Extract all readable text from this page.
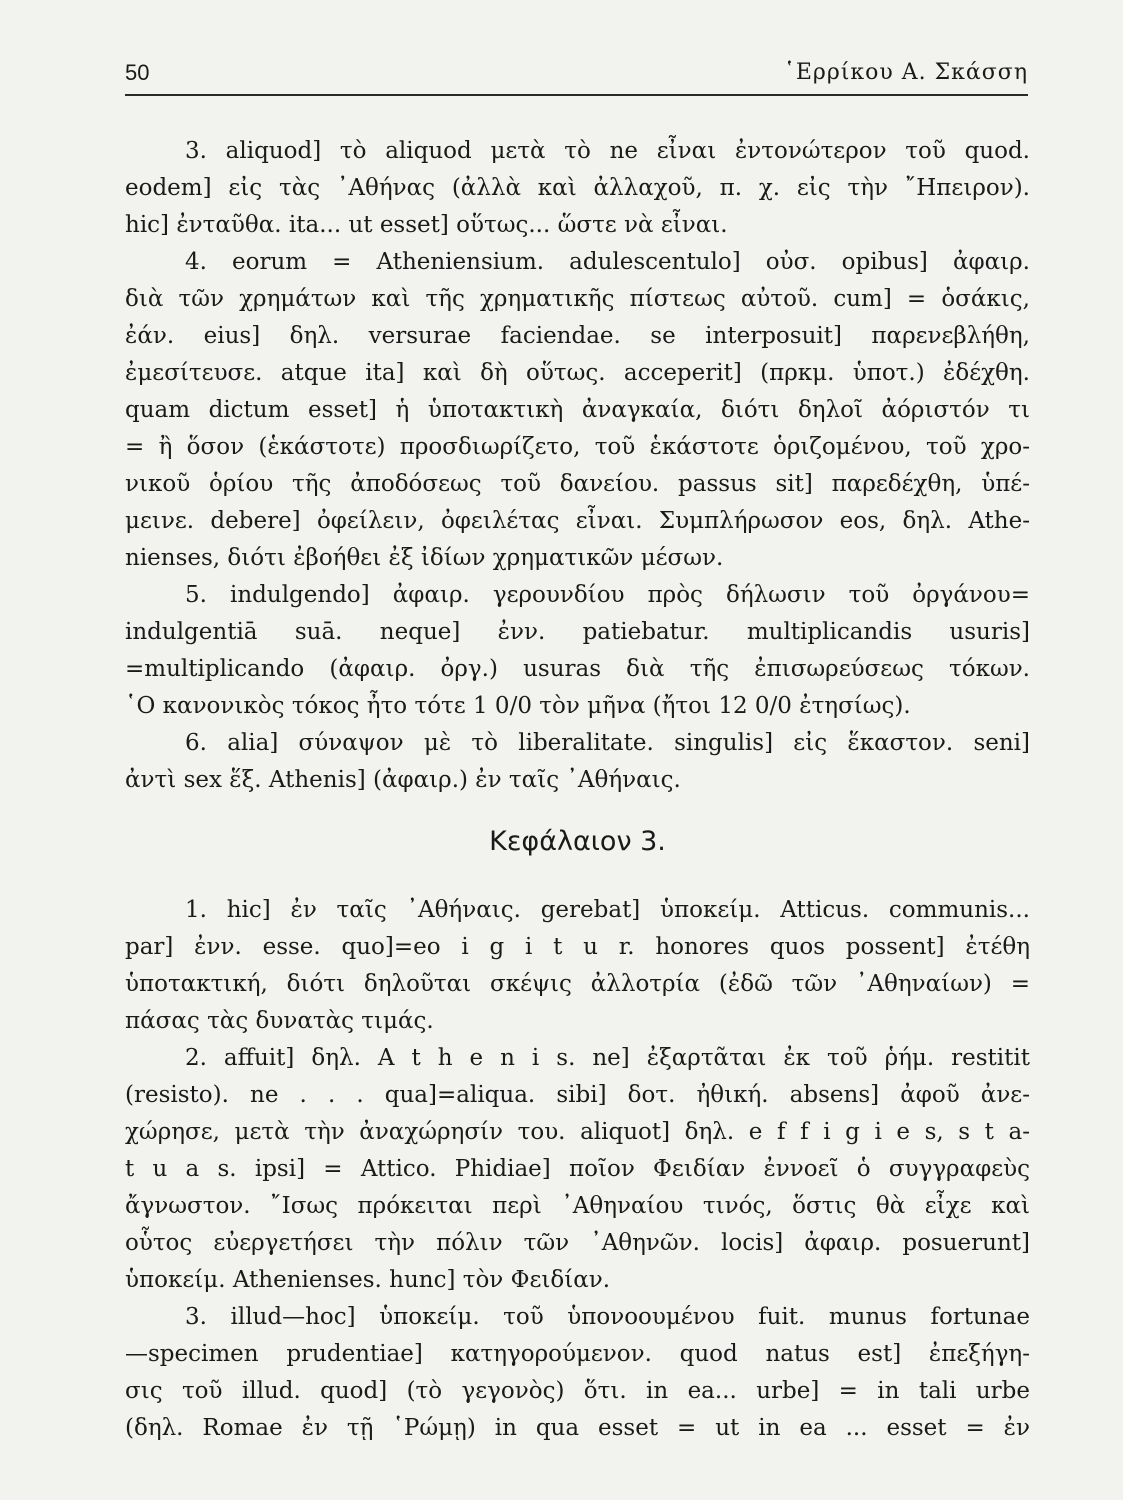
50	῾Ερρίκου Α. Σκάσση
3. aliquod] τὸ aliquod μετὰ τὸ ne εἶναι ἐντονώτερον τοῦ quod.
eodem] εἰς τὰς ᾿Αθήνας (ἀλλὰ καὶ ἀλλαχοῦ, π. χ. εἰς τὴν ῎Ηπειρον).
hic] ἐνταῦθα. ita... ut esset] οὕτως... ὥστε νὰ εἶναι.
4. eorum = Atheniensium. adulescentulo] οὐσ. opibus] ἀφαιρ.
διὰ τῶν χρημάτων καὶ τῆς χρηματικῆς πίστεως αὐτοῦ. cum] = ὁσάκις,
ἐάν. eius] δηλ. versurae faciendae. se interposuit] παρενεβλήθη,
ἐμεσίτευσε. atque ita] καὶ δὴ οὕτως. acceperit] (πρκμ. ὑποτ.) ἐδέχθη.
quam dictum esset] ἡ ὑποτακτικὴ ἀναγκαία, διότι δηλοῖ ἀόριστόν τι
= ἢ ὅσον (ἑκάστοτε) προσδιωρίζετο, τοῦ ἑκάστοτε ὁριζομένου, τοῦ χρο-
νικοῦ ὁρίου τῆς ἀποδόσεως τοῦ δανείου. passus sit] παρεδέχθη, ὑπέ-
μεινε. debere] ὀφείλειν, ὀφειλέτας εἶναι. Συμπλήρωσον eos, δηλ. Athe-
nienses, διότι ἐβοήθει ἐξ ἰδίων χρηματικῶν μέσων.
5. indulgendo] ἀφαιρ. γερουνδίου πρὸς δήλωσιν τοῦ ὀργάνου=
indulgentiā suā. neque] ἐνν. patiebatur. multiplicandis usuris]
=multiplicando (ἀφαιρ. ὀργ.) usuras διὰ τῆς ἐπισωρεύσεως τόκων.
῾Ο κανονικὸς τόκος ἦτο τότε 1 0/0 τὸν μῆνα (ἤτοι 12 0/0 ἐτησίως).
6. alia] σύναψον μὲ τὸ liberalitate. singulis] εἰς ἕκαστον. seni]
ἀντὶ sex ἕξ. Athenis] (ἀφαιρ.) ἐν ταῖς ᾿Αθήναις.
Κεφάλαιον 3.
1. hic] ἐν ταῖς ᾿Αθήναις. gerebat] ὑποκείμ. Atticus. communis...
par] ἐνν. esse. quo]=eo i g i t u r. honores quos possent] ἐτέθη
ὑποτακτική, διότι δηλοῦται σκέψις ἀλλοτρία (ἐδῶ τῶν ᾿Αθηναίων) =
πάσας τὰς δυνατὰς τιμάς.
2. affuit] δηλ. A t h e n i s. ne] ἐξαρτᾶται ἐκ τοῦ ῥήμ. restitit
(resisto). ne . . . qua]=aliqua. sibi] δοτ. ἠθική. absens] ἀφοῦ ἀνε-
χώρησε, μετὰ τὴν ἀναχώρησίν του. aliquot] δηλ. e f f i g i e s, s t a-
t u a s. ipsi] = Attico. Phidiae] ποῖον Φειδίαν ἐννοεῖ ὁ συγγραφεὺς
ἄγνωστον. ῎Ισως πρόκειται περὶ ᾿Αθηναίου τινός, ὅστις θὰ εἶχε καὶ
οὗτος εὐεργετήσει τὴν πόλιν τῶν ᾿Αθηνῶν. locis] ἀφαιρ. posuerunt]
ὑποκείμ. Athenienses. hunc] τὸν Φειδίαν.
3. illud—hoc] ὑποκείμ. τοῦ ὑπονοουμένου fuit. munus fortunae
—specimen prudentiae] κατηγορούμενον. quod natus est] ἐπεξήγη-
σις τοῦ illud. quod] (τὸ γεγονὸς) ὅτι. in ea... urbe] = in tali urbe
(δηλ. Romae ἐν τῇ ῾Ρώμῃ) in qua esset = ut in ea ... esset = ἐν
